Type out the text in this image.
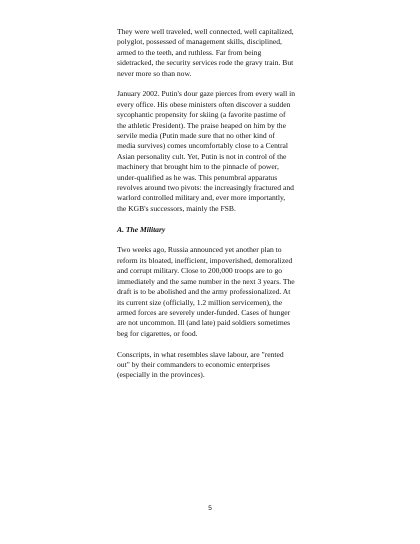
They were well traveled, well connected, well capitalized,
polyglot, possessed of management skills, disciplined,
armed to the teeth, and ruthless. Far from being
sidetracked, the security services rode the gravy train. But
never more so than now.

January 2002. Putin's dour gaze pierces from every wall in
every office. His obese ministers often discover a sudden
sycophantic propensity for skiing (a favorite pastime of
the athletic President). The praise heaped on him by the
servile media (Putin made sure that no other kind of
media survives) comes uncomfortably close to a Central
Asian personality cult. Yet, Putin is not in control of the
machinery that brought him to the pinnacle of power,
under-qualified as he was. This penumbral apparatus
revolves around two pivots: the increasingly fractured and
warlord controlled military and, ever more importantly,
the KGB's successors, mainly the FSB.

A. The Military

Two weeks ago, Russia announced yet another plan to
reform its bloated, inefficient, impoverished, demoralized
and corrupt military. Close to 200,000 troops are to go
immediately and the same number in the next 3 years. The
draft is to be abolished and the army professionalized. At
its current size (officially, 1.2 million servicemen), the
armed forces are severely under-funded. Cases of hunger
are not uncommon. Ill (and late) paid soldiers sometimes
beg for cigarettes, or food.

Conscripts, in what resembles slave labour, are "rented
out" by their commanders to economic enterprises
(especially in the provinces).

5
